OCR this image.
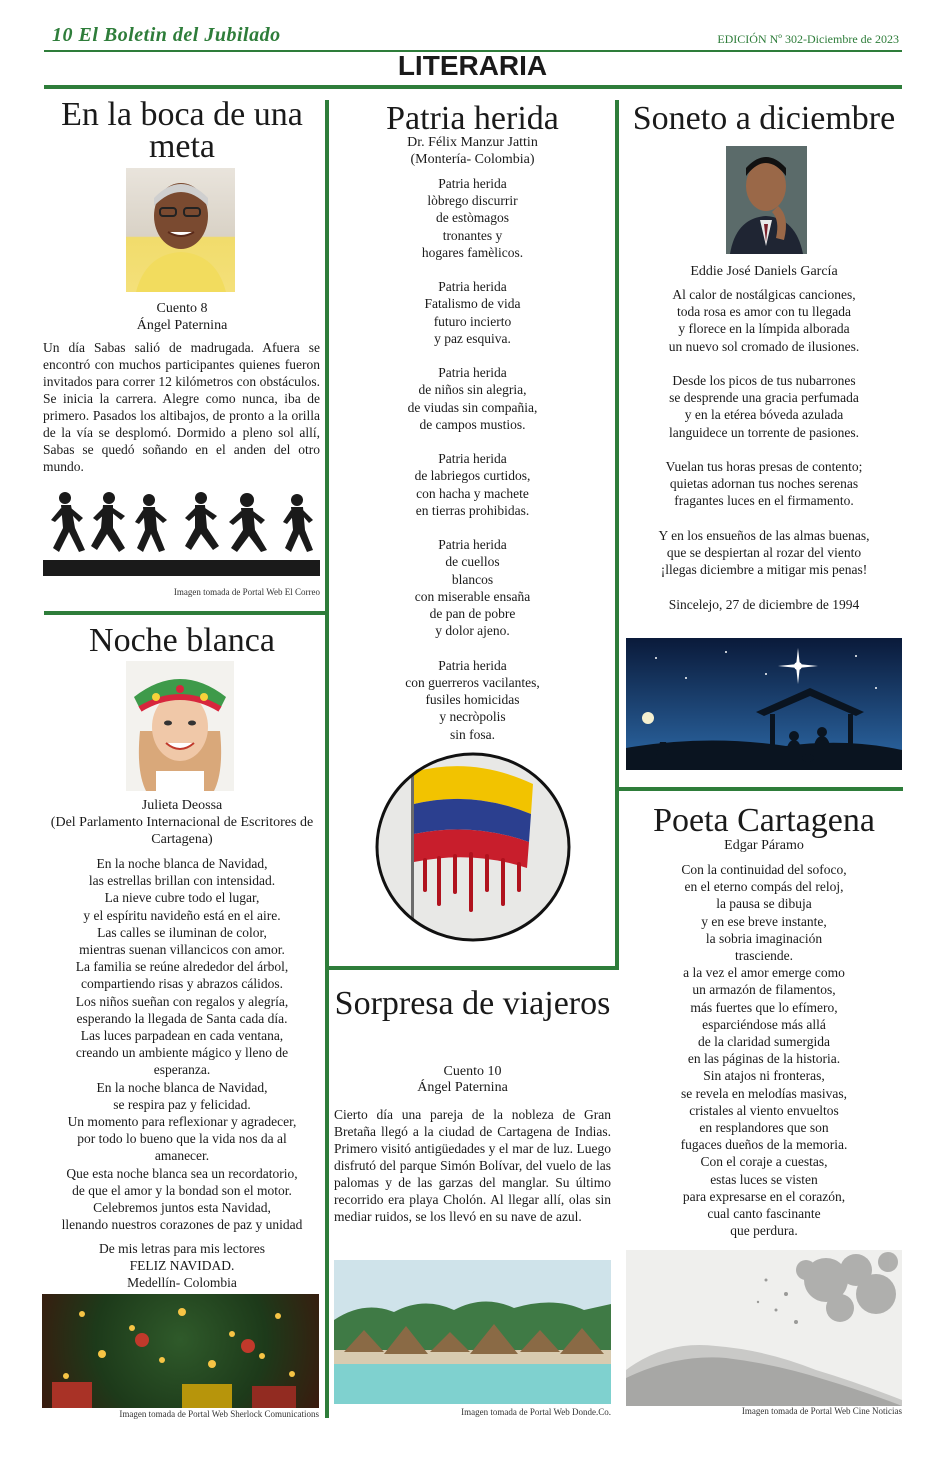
10 El Boletin del Jubilado	EDICIÓN Nº 302-Diciembre de 2023
LITERARIA
En la boca de una meta
Cuento 8
Ángel Paternina
Un día Sabas salió de madrugada. Afuera se encontró con muchos participantes quienes fueron invitados para correr 12 kilómetros con obstáculos. Se inicia la carrera. Alegre como nunca, iba de primero. Pasados los altibajos, de pronto a la orilla de la vía se desplomó. Dormido a pleno sol allí, Sabas se quedó soñando en el anden del otro mundo.
Imagen tomada de Portal Web El Correo
Noche blanca
Julieta Deossa
(Del Parlamento Internacional de Escritores de Cartagena)
En la noche blanca de Navidad,
las estrellas brillan con intensidad.
La nieve cubre todo el lugar,
y el espíritu navideño está en el aire.
Las calles se iluminan de color,
mientras suenan villancicos con amor.
La familia se reúne alrededor del árbol,
compartiendo risas y abrazos cálidos.
Los niños sueñan con regalos y alegría,
esperando la llegada de Santa cada día.
Las luces parpadean en cada ventana,
creando un ambiente mágico y lleno de
esperanza.
En la noche blanca de Navidad,
se respira paz y felicidad.
Un momento para reflexionar y agradecer,
por todo lo bueno que la vida nos da al
amanecer.
Que esta noche blanca sea un recordatorio,
de que el amor y la bondad son el motor.
Celebremos juntos esta Navidad,
llenando nuestros corazones de paz y unidad
De mis letras para mis lectores
FELIZ NAVIDAD.
Medellín- Colombia
Imagen tomada de Portal Web Sherlock Comunications
Patria herida
Dr. Félix Manzur Jattin
(Montería- Colombia)
Patria herida
lòbrego discurrir
de estòmagos
tronantes y
hogares famèlicos.

Patria herida
Fatalismo de vida
futuro incierto
y paz esquiva.

Patria herida
de niños sin alegria,
de viudas sin compañia,
de campos mustios.

Patria herida
de labriegos curtidos,
con hacha y machete
en tierras prohibidas.

Patria herida
de cuellos
blancos
con miserable ensaña
de pan de pobre
y dolor ajeno.

Patria herida
con guerreros vacilantes,
fusiles homicidas
y necròpolis
sin fosa.
Sorpresa de viajeros
Cuento 10
Ángel Paternina
Cierto día una pareja de la nobleza de Gran Bretaña llegó a la ciudad de Cartagena de Indias. Primero visitó antigüedades y el mar de luz. Luego disfrutó del parque Simón Bolívar, del vuelo de las palomas y de las garzas del manglar. Su último recorrido era playa Cholón. Al llegar allí, olas sin mediar ruidos, se los llevó en su nave de azul.
Imagen tomada de Portal Web Donde.Co.
Soneto a diciembre
Eddie José Daniels García
Al calor de nostálgicas canciones,
toda rosa es amor con tu llegada
y florece en la límpida alborada
un nuevo sol cromado de ilusiones.

Desde los picos de tus nubarrones
se desprende una gracia perfumada
y en la etérea bóveda azulada
languidece un torrente de pasiones.

Vuelan tus horas presas de contento;
quietas adornan tus noches serenas
fragantes luces en el firmamento.

Y en los ensueños de las almas buenas,
que se despiertan al rozar del viento
¡llegas diciembre a mitigar mis penas!

Sincelejo, 27 de diciembre de 1994
Poeta Cartagena
Edgar Páramo
Con la continuidad del sofoco,
en el eterno compás del reloj,
la pausa se dibuja
y en ese breve instante,
la sobria imaginación
trasciende.
a la vez el amor emerge como
un armazón de filamentos,
más fuertes que lo efímero,
esparciéndose más allá
de la claridad sumergida
en las páginas de la historia.
Sin atajos ni fronteras,
se revela en melodías masivas,
cristales al viento envueltos
en resplandores que son
fugaces dueños de la memoria.
Con el coraje a cuestas,
estas luces se visten
para expresarse en el corazón,
cual canto fascinante
que perdura.
Imagen tomada de Portal Web Cine Noticias
